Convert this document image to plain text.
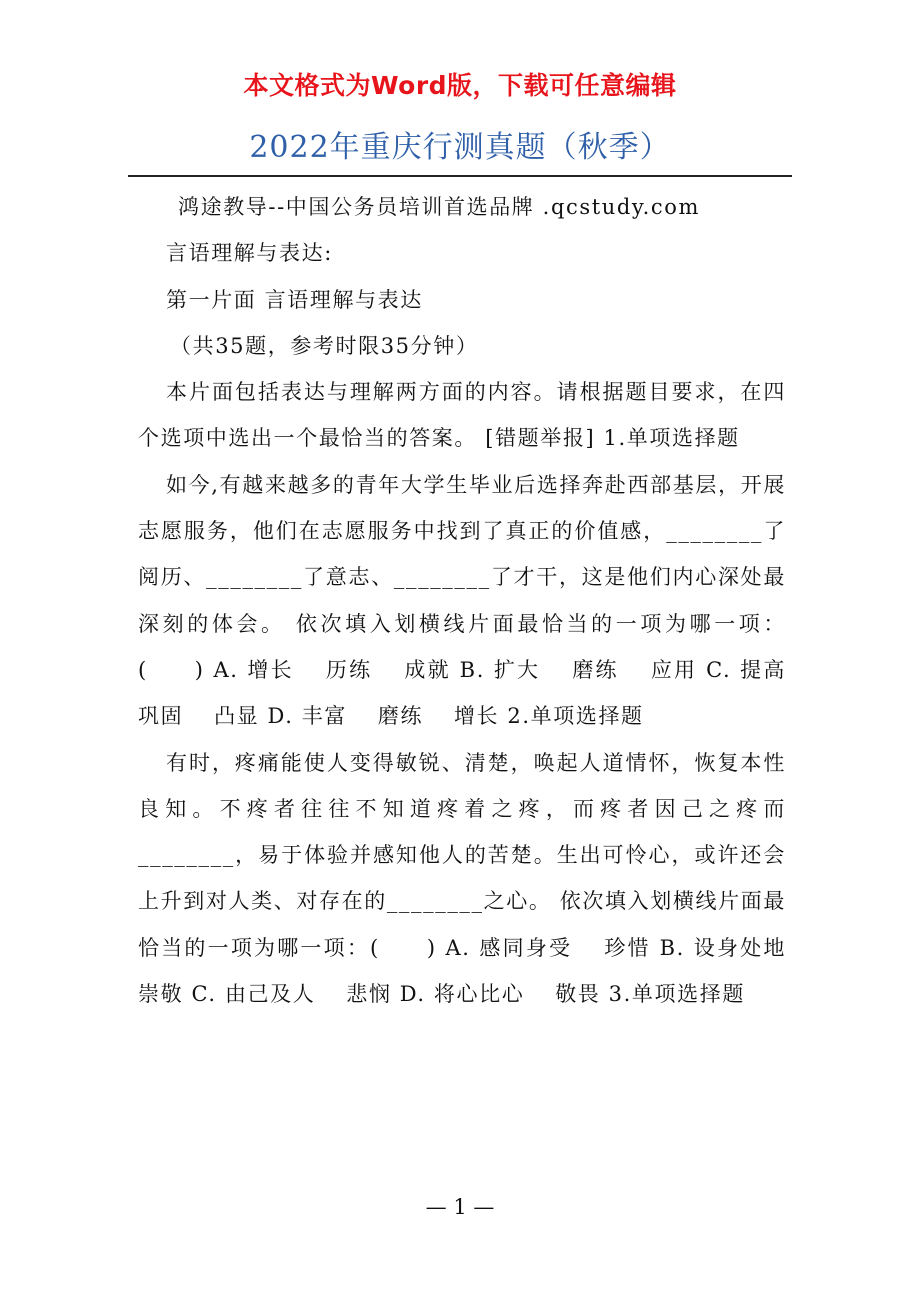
本文格式为Word版，下载可任意编辑
2022年重庆行测真题（秋季）

鸿途教导--中国公务员培训首选品牌 .qcstudy.com

言语理解与表达:

第一片面 言语理解与表达

（共35题，参考时限35分钟）

本片面包括表达与理解两方面的内容。请根据题目要求，在四个选项中选出一个最恰当的答案。 [错题举报] 1.单项选择题

如今,有越来越多的青年大学生毕业后选择奔赴西部基层，开展志愿服务，他们在志愿服务中找到了真正的价值感，________了阅历、________了意志、________了才干，这是他们内心深处最深刻的体会。 依次填入划横线片面最恰当的一项为哪一项：(　　) A. 增长　 历练　 成就 B. 扩大　 磨练　 应用 C. 提高　 巩固　 凸显 D. 丰富　 磨练　 增长 2.单项选择题

有时，疼痛能使人变得敏锐、清楚，唤起人道情怀，恢复本性良知。不疼者往往不知道疼着之疼，而疼者因己之疼而________，易于体验并感知他人的苦楚。生出可怜心，或许还会上升到对人类、对存在的________之心。 依次填入划横线片面最恰当的一项为哪一项：(　　) A. 感同身受　 珍惜 B. 设身处地　 崇敬 C. 由己及人　 悲悯 D. 将心比心　 敬畏 3.单项选择题

— 1 —
